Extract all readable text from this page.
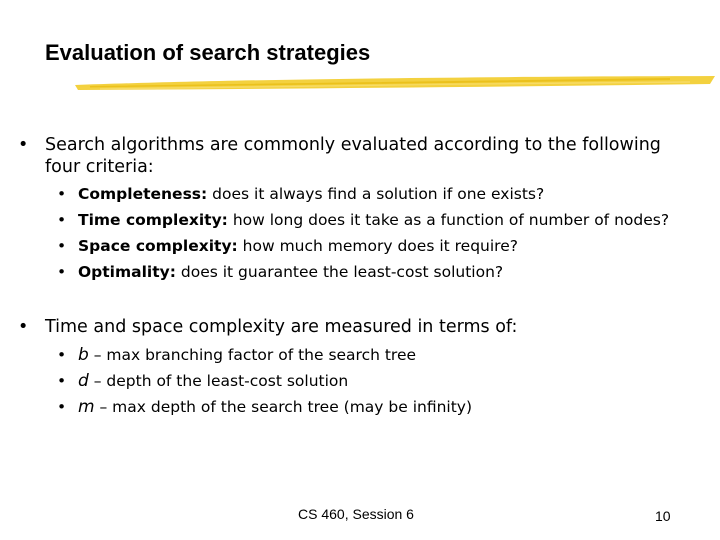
Evaluation of search strategies
• Search algorithms are commonly evaluated according to the following
four criteria:
• Completeness: does it always find a solution if one exists?
• Time complexity: how long does it take as a function of number of nodes?
• Space complexity: how much memory does it require?
• Optimality: does it guarantee the least-cost solution?
• Time and space complexity are measured in terms of:
• b – max branching factor of the search tree
• d – depth of the least-cost solution
• m – max depth of the search tree (may be infinity)
CS 460, Session 6	10
